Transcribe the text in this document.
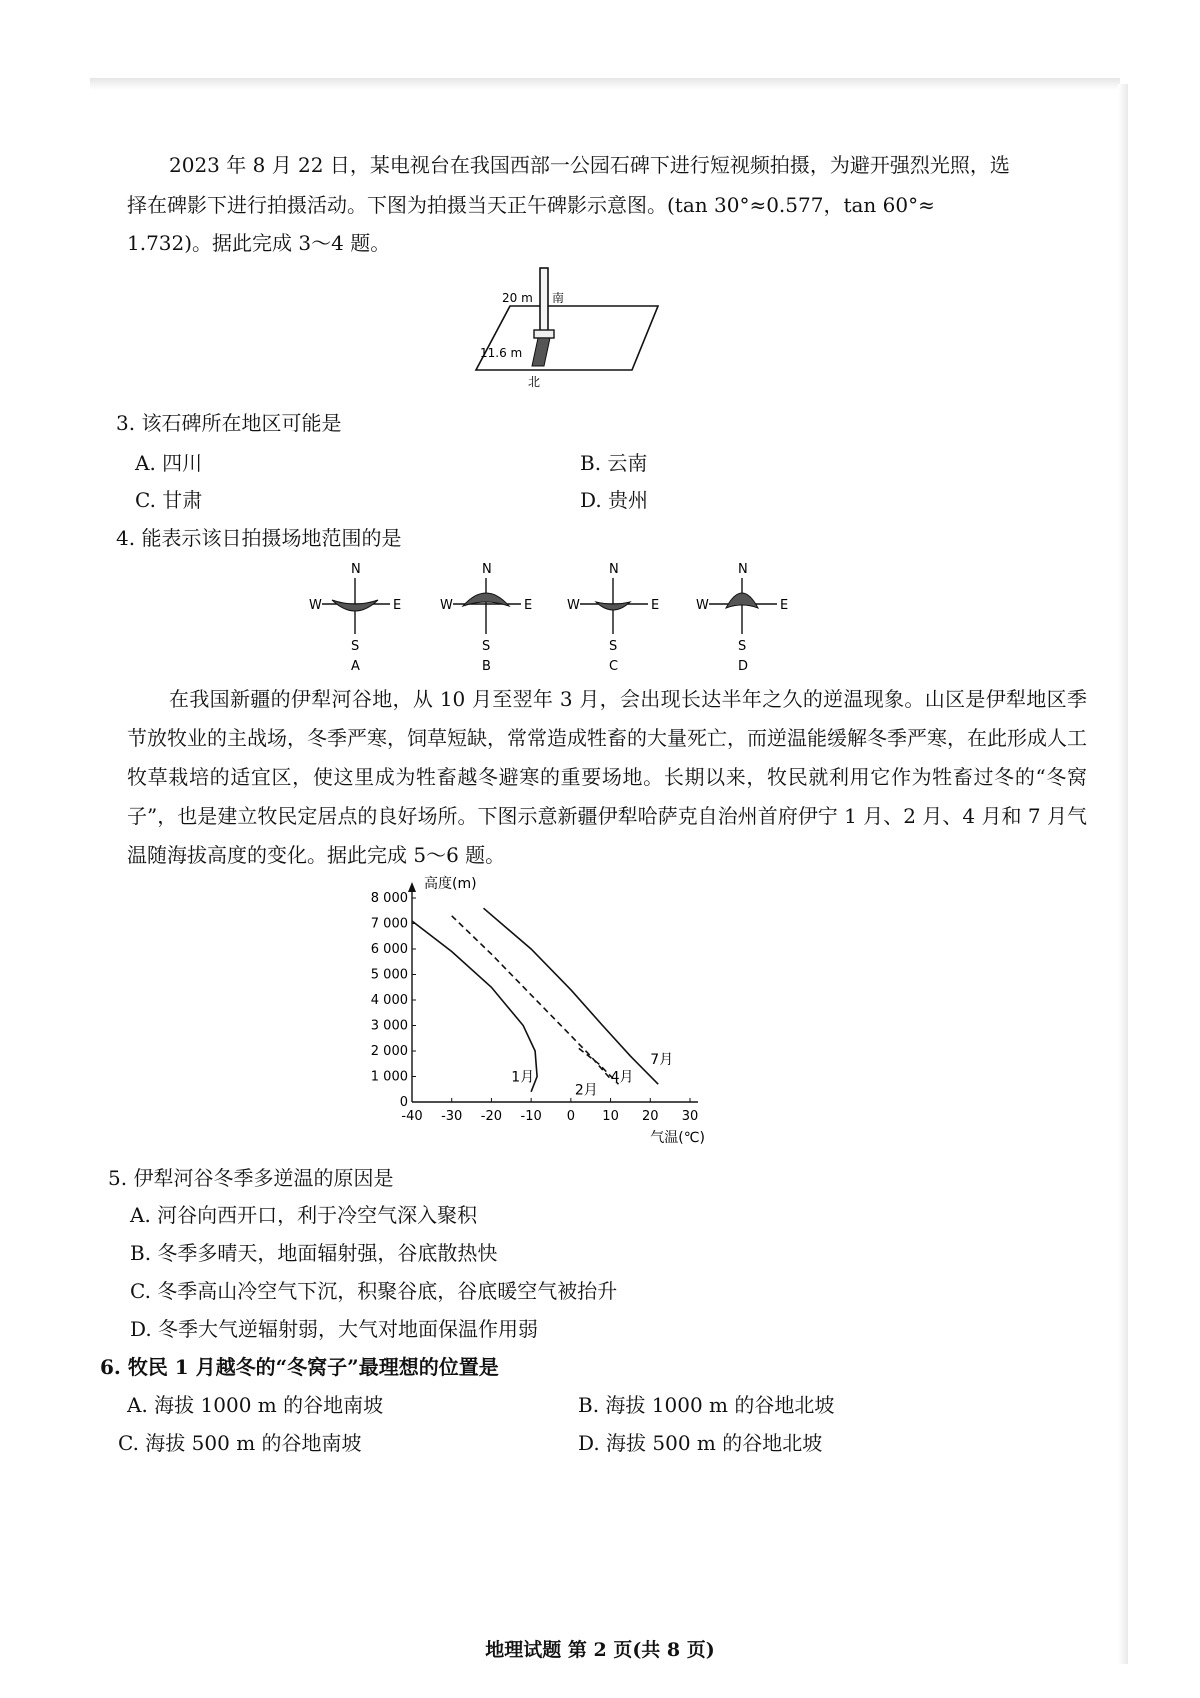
2023 年 8 月 22 日，某电视台在我国西部一公园石碑下进行短视频拍摄，为避开强烈光照，选
择在碑影下进行拍摄活动。下图为拍摄当天正午碑影示意图。(tan 30°≈0.577，tan 60°≈
1.732)。据此完成 3～4 题。
20 m 南
11.6 m
北
3. 该石碑所在地区可能是
A. 四川	B. 云南
C. 甘肃	D. 贵州
4. 能表示该日拍摄场地范围的是
N
W	E
S
A
N
W	E
S
B
N
W	E
S
C
N
W	E
S
D
在我国新疆的伊犁河谷地，从 10 月至翌年 3 月，会出现长达半年之久的逆温现象。山区是伊犁地区季节放牧业的主战场，冬季严寒，饲草短缺，常常造成牲畜的大量死亡，而逆温能缓解冬季严寒，在此形成人工牧草栽培的适宜区，使这里成为牲畜越冬避寒的重要场地。长期以来，牧民就利用它作为牲畜过冬的“冬窝子”，也是建立牧民定居点的良好场所。下图示意新疆伊犁哈萨克自治州首府伊宁 1 月、2 月、4 月和 7 月气温随海拔高度的变化。据此完成 5～6 题。
-40 -30 -20 -10 0 10 20 30
0
1 000
2 000
3 000
4 000
5 000
6 000
7 000
8 000
高度(m)
气温(℃)
1月
2月
4月
7月
5. 伊犁河谷冬季多逆温的原因是
A. 河谷向西开口，利于冷空气深入聚积
B. 冬季多晴天，地面辐射强，谷底散热快
C. 冬季高山冷空气下沉，积聚谷底，谷底暖空气被抬升
D. 冬季大气逆辐射弱，大气对地面保温作用弱
6. 牧民 1 月越冬的“冬窝子”最理想的位置是
A. 海拔 1000 m 的谷地南坡	B. 海拔 1000 m 的谷地北坡
C. 海拔 500 m 的谷地南坡	D. 海拔 500 m 的谷地北坡
地理试题 第 2 页(共 8 页)
